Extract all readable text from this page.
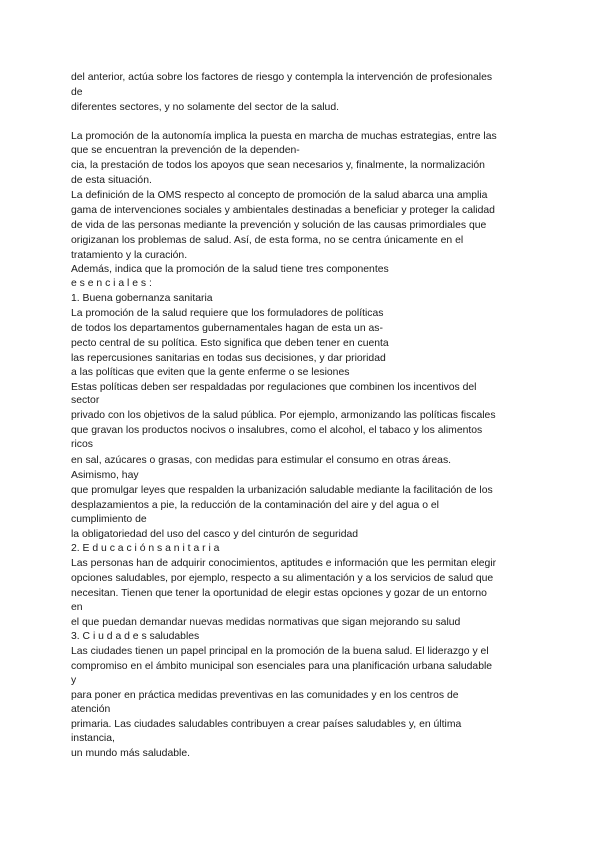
del anterior, actúa sobre los factores de riesgo y contempla la intervención de profesionales
de
diferentes sectores, y no solamente del sector de la salud.
La promoción de la autonomía implica la puesta en marcha de muchas estrategias, entre las
que se encuentran la prevención de la dependen-
cia, la prestación de todos los apoyos que sean necesarios y, finalmente, la normalización
de esta situación.
La definición de la OMS respecto al concepto de promoción de la salud abarca una amplia
gama de intervenciones sociales y ambientales destinadas a beneficiar y proteger la calidad
de vida de las personas mediante la prevención y solución de las causas primordiales que
origizanan los problemas de salud. Así, de esta forma, no se centra únicamente en el
tratamiento y la curación.
Además, indica que la promoción de la salud tiene tres componentes
e s e n c i a l e s :
1. Buena gobernanza sanitaria
La promoción de la salud requiere que los formuladores de políticas
de todos los departamentos gubernamentales hagan de esta un as-
pecto central de su política. Esto significa que deben tener en cuenta
las repercusiones sanitarias en todas sus decisiones, y dar prioridad
a las políticas que eviten que la gente enferme o se lesiones
Estas políticas deben ser respaldadas por regulaciones que combinen los incentivos del
sector
privado con los objetivos de la salud pública. Por ejemplo, armonizando las políticas fiscales
que gravan los productos nocivos o insalubres, como el alcohol, el tabaco y los alimentos
ricos
en sal, azúcares o grasas, con medidas para estimular el consumo en otras áreas.
Asimismo, hay
que promulgar leyes que respalden la urbanización saludable mediante la facilitación de los
desplazamientos a pie, la reducción de la contaminación del aire y del agua o el
cumplimiento de
la obligatoriedad del uso del casco y del cinturón de seguridad
2. E d u c a c i ó n s a n i t a r i a
Las personas han de adquirir conocimientos, aptitudes e información que les permitan elegir
opciones saludables, por ejemplo, respecto a su alimentación y a los servicios de salud que
necesitan. Tienen que tener la oportunidad de elegir estas opciones y gozar de un entorno
en
el que puedan demandar nuevas medidas normativas que sigan mejorando su salud
3. C i u d a d e s saludables
Las ciudades tienen un papel principal en la promoción de la buena salud. El liderazgo y el
compromiso en el ámbito municipal son esenciales para una planificación urbana saludable
y
para poner en práctica medidas preventivas en las comunidades y en los centros de
atención
primaria. Las ciudades saludables contribuyen a crear países saludables y, en última
instancia,
un mundo más saludable.
